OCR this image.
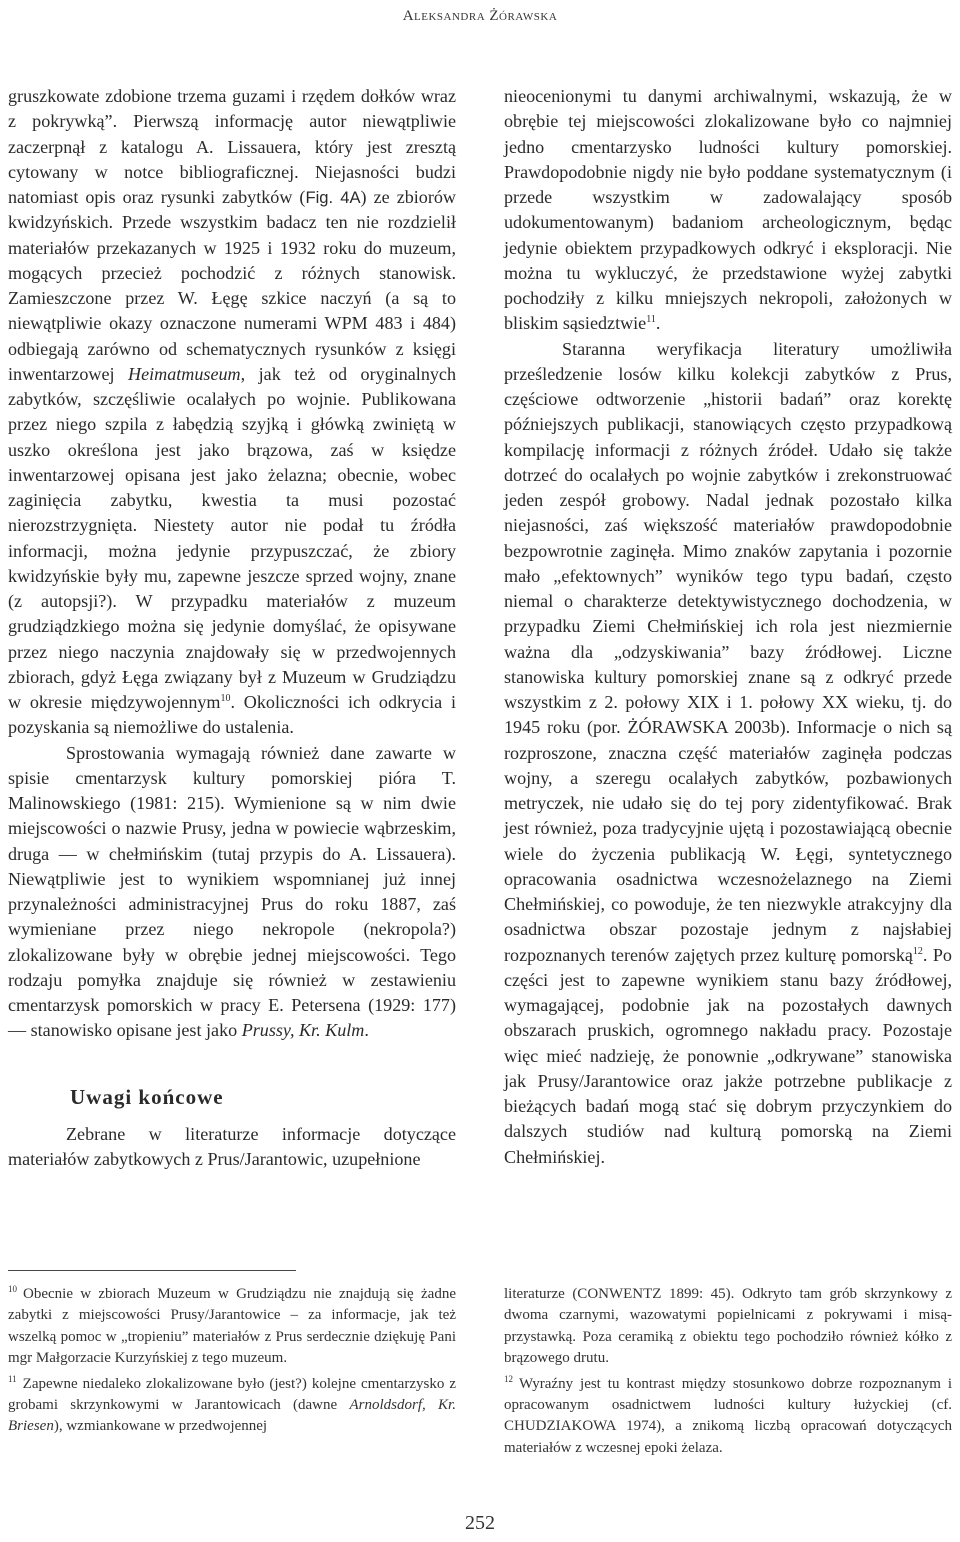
Aleksandra Żórawska

gruszkowate zdobione trzema guzami i rzędem dołków wraz z pokrywką”. Pierwszą informację autor niewątpliwie zaczerpnął z katalogu A. Lissauera, który jest zresztą cytowany w notce bibliograficznej. Niejasności budzi natomiast opis oraz rysunki zabytków (Fig. 4A) ze zbiorów kwidzyńskich. Przede wszystkim badacz ten nie rozdzielił materiałów przekazanych w 1925 i 1932 roku do muzeum, mogących przecież pochodzić z różnych stanowisk. Zamieszczone przez W. Łęgę szkice naczyń (a są to niewątpliwie okazy oznaczone numerami WPM 483 i 484) odbiegają zarówno od schematycznych rysunków z księgi inwentarzowej Heimatmuseum, jak też od oryginalnych zabytków, szczęśliwie ocalałych po wojnie. Publikowana przez niego szpila z łabędzią szyjką i główką zwiniętą w uszko określona jest jako brązowa, zaś w księdze inwentarzowej opisana jest jako żelazna; obecnie, wobec zaginięcia zabytku, kwestia ta musi pozostać nierozstrzygnięta. Niestety autor nie podał tu źródła informacji, można jedynie przypuszczać, że zbiory kwidzyńskie były mu, zapewne jeszcze sprzed wojny, znane (z autopsji?). W przypadku materiałów z muzeum grudziądzkiego można się jedynie domyślać, że opisywane przez niego naczynia znajdowały się w przedwojennych zbiorach, gdyż Łęga związany był z Muzeum w Grudziądzu w okresie międzywojennym$^{10}$. Okoliczności ich odkrycia i pozyskania są niemożliwe do ustalenia.

Sprostowania wymagają również dane zawarte w spisie cmentarzysk kultury pomorskiej pióra T. Malinowskiego (1981: 215). Wymienione są w nim dwie miejscowości o nazwie Prusy, jedna w powiecie wąbrzeskim, druga — w chełmińskim (tutaj przypis do A. Lissauera). Niewątpliwie jest to wynikiem wspomnianej już innej przynależności administracyjnej Prus do roku 1887, zaś wymieniane przez niego nekropole (nekropola?) zlokalizowane były w obrębie jednej miejscowości. Tego rodzaju pomyłka znajduje się również w zestawieniu cmentarzysk pomorskich w pracy E. Petersena (1929: 177) — stanowisko opisane jest jako Prussy, Kr. Kulm.

Uwagi końcowe

Zebrane w literaturze informacje dotyczące materiałów zabytkowych z Prus/Jarantowic, uzupełnione

nieocenionymi tu danymi archiwalnymi, wskazują, że w obrębie tej miejscowości zlokalizowane było co najmniej jedno cmentarzysko ludności kultury pomorskiej. Prawdopodobnie nigdy nie było poddane systematycznym (i przede wszystkim w zadowalający sposób udokumentowanym) badaniom archeologicznym, będąc jedynie obiektem przypadkowych odkryć i eksploracji. Nie można tu wykluczyć, że przedstawione wyżej zabytki pochodziły z kilku mniejszych nekropoli, założonych w bliskim sąsiedztwie$^{11}$.

Staranna weryfikacja literatury umożliwiła prześledzenie losów kilku kolekcji zabytków z Prus, częściowe odtworzenie „historii badań” oraz korektę późniejszych publikacji, stanowiących często przypadkową kompilację informacji z różnych źródeł. Udało się także dotrzeć do ocalałych po wojnie zabytków i zrekonstruować jeden zespół grobowy. Nadal jednak pozostało kilka niejasności, zaś większość materiałów prawdopodobnie bezpowrotnie zaginęła. Mimo znaków zapytania i pozornie mało „efektownych” wyników tego typu badań, często niemal o charakterze detektywistycznego dochodzenia, w przypadku Ziemi Chełmińskiej ich rola jest niezmiernie ważna dla „odzyskiwania” bazy źródłowej. Liczne stanowiska kultury pomorskiej znane są z odkryć przede wszystkim z 2. połowy XIX i 1. połowy XX wieku, tj. do 1945 roku (por. ŻÓRAWSKA 2003b). Informacje o nich są rozproszone, znaczna część materiałów zaginęła podczas wojny, a szeregu ocalałych zabytków, pozbawionych metryczek, nie udało się do tej pory zidentyfikować. Brak jest również, poza tradycyjnie ujętą i pozostawiającą obecnie wiele do życzenia publikacją W. Łęgi, syntetycznego opracowania osadnictwa wczesnożelaznego na Ziemi Chełmińskiej, co powoduje, że ten niezwykle atrakcyjny dla osadnictwa obszar pozostaje jednym z najsłabiej rozpoznanych terenów zajętych przez kulturę pomorską$^{12}$. Po części jest to zapewne wynikiem stanu bazy źródłowej, wymagającej, podobnie jak na pozostałych dawnych obszarach pruskich, ogromnego nakładu pracy. Pozostaje więc mieć nadzieję, że ponownie „odkrywane” stanowiska jak Prusy/Jarantowice oraz jakże potrzebne publikacje z bieżących badań mogą stać się dobrym przyczynkiem do dalszych studiów nad kulturą pomorską na Ziemi Chełmińskiej.

$^{10}$ Obecnie w zbiorach Muzeum w Grudziądzu nie znajdują się żadne zabytki z miejscowości Prusy/Jarantowice – za informacje, jak też wszelką pomoc w „tropieniu” materiałów z Prus serdecznie dziękuję Pani mgr Małgorzacie Kurzyńskiej z tego muzeum.

$^{11}$ Zapewne niedaleko zlokalizowane było (jest?) kolejne cmentarzysko z grobami skrzynkowymi w Jarantowicach (dawne Arnoldsdorf, Kr. Briesen), wzmiankowane w przedwojennej

literaturze (CONWENTZ 1899: 45). Odkryto tam grób skrzynkowy z dwoma czarnymi, wazowatymi popielnicami z pokrywami i misą-przystawką. Poza ceramiką z obiektu tego pochodziło również kółko z brązowego drutu.

$^{12}$ Wyraźny jest tu kontrast między stosunkowo dobrze rozpoznanym i opracowanym osadnictwem ludności kultury łużyckiej (cf. CHUDZIAKOWA 1974), a znikomą liczbą opracowań dotyczących materiałów z wczesnej epoki żelaza.

252
